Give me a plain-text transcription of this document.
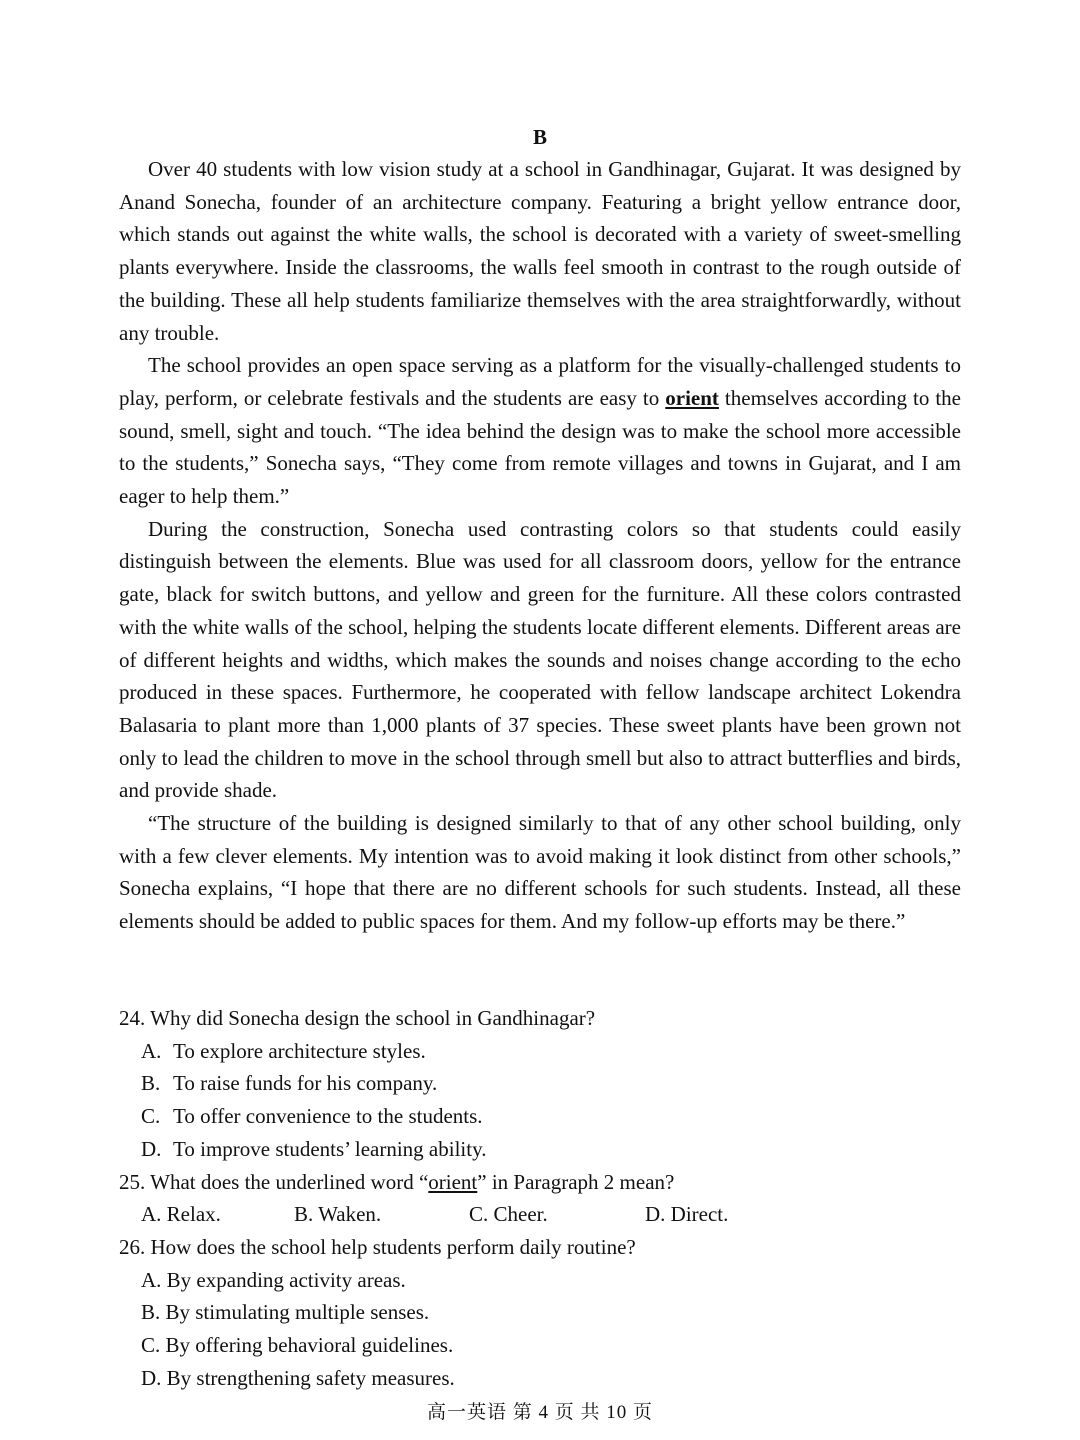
B

Over 40 students with low vision study at a school in Gandhinagar, Gujarat. It was designed by Anand Sonecha, founder of an architecture company. Featuring a bright yellow entrance door, which stands out against the white walls, the school is decorated with a variety of sweet-smelling plants everywhere. Inside the classrooms, the walls feel smooth in contrast to the rough outside of the building. These all help students familiarize themselves with the area straightforwardly, without any trouble.

The school provides an open space serving as a platform for the visually-challenged students to play, perform, or celebrate festivals and the students are easy to orient themselves according to the sound, smell, sight and touch. “The idea behind the design was to make the school more accessible to the students,” Sonecha says, “They come from remote villages and towns in Gujarat, and I am eager to help them.”

During the construction, Sonecha used contrasting colors so that students could easily distinguish between the elements. Blue was used for all classroom doors, yellow for the entrance gate, black for switch buttons, and yellow and green for the furniture. All these colors contrasted with the white walls of the school, helping the students locate different elements. Different areas are of different heights and widths, which makes the sounds and noises change according to the echo produced in these spaces. Furthermore, he cooperated with fellow landscape architect Lokendra Balasaria to plant more than 1,000 plants of 37 species. These sweet plants have been grown not only to lead the children to move in the school through smell but also to attract butterflies and birds, and provide shade.

“The structure of the building is designed similarly to that of any other school building, only with a few clever elements. My intention was to avoid making it look distinct from other schools,” Sonecha explains, “I hope that there are no different schools for such students. Instead, all these elements should be added to public spaces for them. And my follow-up efforts may be there.”

24. Why did Sonecha design the school in Gandhinagar?

A. To explore architecture styles.

B. To raise funds for his company.

C. To offer convenience to the students.

D. To improve students’ learning ability.

25. What does the underlined word “orient” in Paragraph 2 mean?

A. Relax.	B. Waken.	C. Cheer.	D. Direct.

26. How does the school help students perform daily routine?

A. By expanding activity areas.

B. By stimulating multiple senses.

C. By offering behavioral guidelines.

D. By strengthening safety measures.

高一英语 第 4 页 共 10 页
